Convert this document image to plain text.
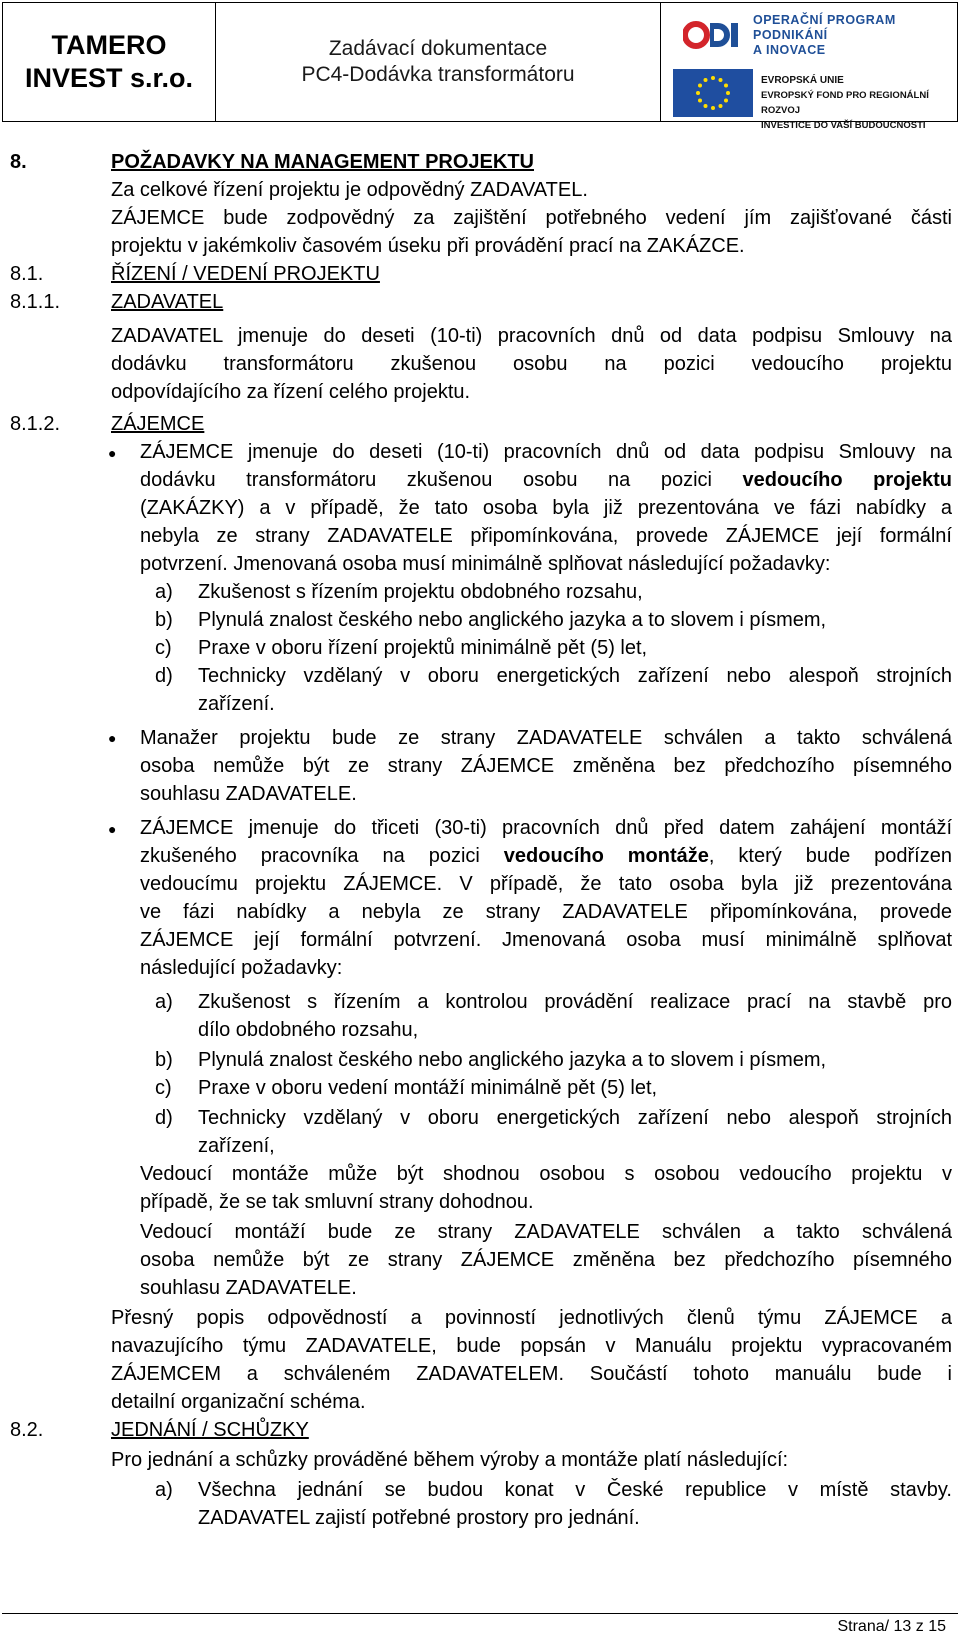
TAMERO
INVEST s.r.o.
Zadávací dokumentace
PC4-Dodávka transformátoru
OPERAČNÍ PROGRAM
PODNIKÁNÍ
A INOVACE
EVROPSKÁ UNIE
EVROPSKÝ FOND PRO REGIONÁLNÍ ROZVOJ
INVESTICE DO VAŠÍ BUDOUCNOSTI
8.	POŽADAVKY NA MANAGEMENT PROJEKTU
Za celkové řízení projektu je odpovědný ZADAVATEL.
ZÁJEMCE bude zodpovědný za zajištění potřebného vedení jím zajišťované části
projektu v jakémkoliv časovém úseku při provádění prací na ZAKÁZCE.
8.1.	ŘÍZENÍ / VEDENÍ PROJEKTU
8.1.1.	ZADAVATEL
ZADAVATEL jmenuje do deseti (10-ti) pracovních dnů od data podpisu Smlouvy na
dodávku transformátoru zkušenou osobu na pozici vedoucího projektu
odpovídajícího za řízení celého projektu.
8.1.2.	ZÁJEMCE
● ZÁJEMCE jmenuje do deseti (10-ti) pracovních dnů od data podpisu Smlouvy na
dodávku transformátoru zkušenou osobu na pozici vedoucího projektu
(ZAKÁZKY) a v případě, že tato osoba byla již prezentována ve fázi nabídky a
nebyla ze strany ZADAVATELE připomínkována, provede ZÁJEMCE její formální
potvrzení. Jmenovaná osoba musí minimálně splňovat následující požadavky:
a) Zkušenost s řízením projektu obdobného rozsahu,
b) Plynulá znalost českého nebo anglického jazyka a to slovem i písmem,
c) Praxe v oboru řízení projektů minimálně pět (5) let,
d) Technicky vzdělaný v oboru energetických zařízení nebo alespoň strojních
zařízení.
● Manažer projektu bude ze strany ZADAVATELE schválen a takto schválená
osoba nemůže být ze strany ZÁJEMCE změněna bez předchozího písemného
souhlasu ZADAVATELE.
● ZÁJEMCE jmenuje do třiceti (30-ti) pracovních dnů před datem zahájení montáží
zkušeného pracovníka na pozici vedoucího montáže, který bude podřízen
vedoucímu projektu ZÁJEMCE. V případě, že tato osoba byla již prezentována
ve fázi nabídky a nebyla ze strany ZADAVATELE připomínkována, provede
ZÁJEMCE její formální potvrzení. Jmenovaná osoba musí minimálně splňovat
následující požadavky:
a) Zkušenost s řízením a kontrolou provádění realizace prací na stavbě pro
dílo obdobného rozsahu,
b) Plynulá znalost českého nebo anglického jazyka a to slovem i písmem,
c) Praxe v oboru vedení montáží minimálně pět (5) let,
d) Technicky vzdělaný v oboru energetických zařízení nebo alespoň strojních
zařízení,
Vedoucí montáže může být shodnou osobou s osobou vedoucího projektu v
případě, že se tak smluvní strany dohodnou.
Vedoucí montáží bude ze strany ZADAVATELE schválen a takto schválená
osoba nemůže být ze strany ZÁJEMCE změněna bez předchozího písemného
souhlasu ZADAVATELE.
Přesný popis odpovědností a povinností jednotlivých členů týmu ZÁJEMCE a
navazujícího týmu ZADAVATELE, bude popsán v Manuálu projektu vypracovaném
ZÁJEMCEM a schváleném ZADAVATELEM. Součástí tohoto manuálu bude i
detailní organizační schéma.
8.2.	JEDNÁNÍ / SCHŮZKY
Pro jednání a schůzky prováděné během výroby a montáže platí následující:
a) Všechna jednání se budou konat v České republice v místě stavby.
ZADAVATEL zajistí potřebné prostory pro jednání.
Strana/ 13 z 15
